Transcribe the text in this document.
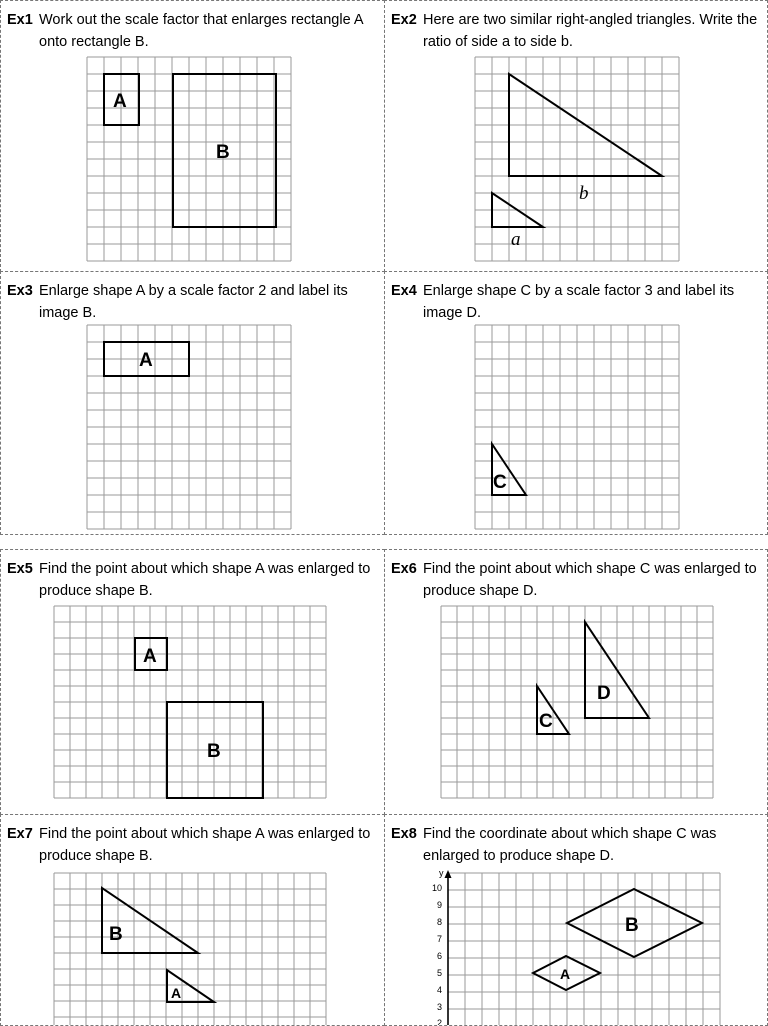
Ex1 Work out the scale factor that enlarges rectangle A onto rectangle B.
A
B
Ex2 Here are two similar right-angled triangles. Write the ratio of side a to side b.
b
a
Ex3 Enlarge shape A by a scale factor 2 and label its image B.
A
Ex4 Enlarge shape C by a scale factor 3 and label its image D.
C
Ex5 Find the point about which shape A was enlarged to produce shape B.
A
B
Ex6 Find the point about which shape C was enlarged to produce shape D.
C
D
Ex7 Find the point about which shape A was enlarged to produce shape B.
B
A
Ex8 Find the coordinate about which shape C was enlarged to produce shape D.
y
10
9
8
7
6
5
4
3
2
B
A
